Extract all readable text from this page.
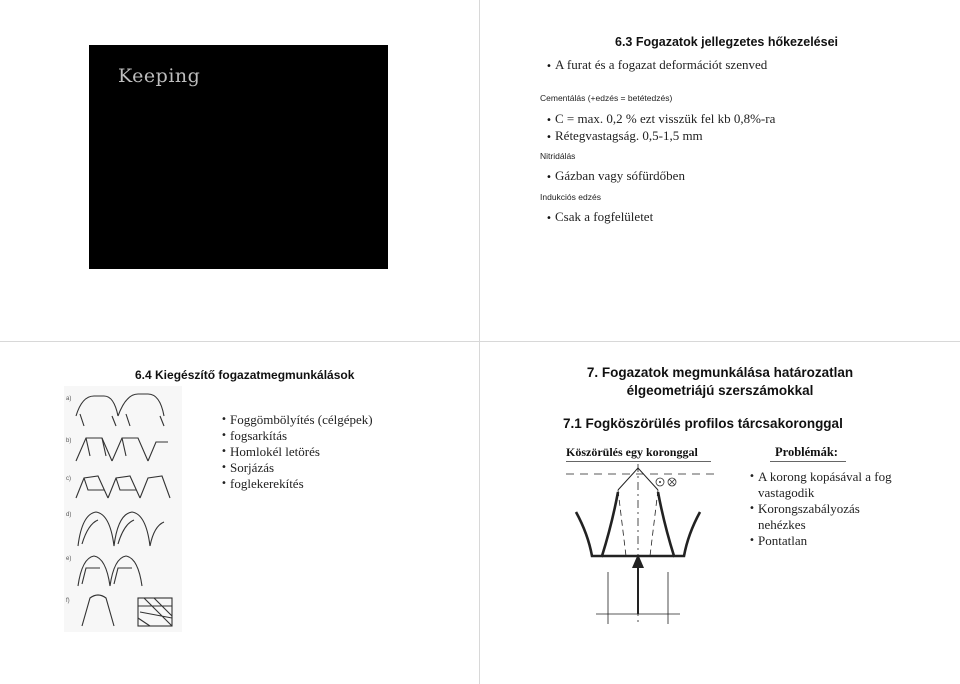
Keeping
6.3 Fogazatok jellegzetes hőkezelései
• A furat és a fogazat deformációt szenved
Cementálás (+edzés = betétedzés)
• C = max. 0,2 % ezt visszük fel kb 0,8%-ra
• Rétegvastagság. 0,5-1,5 mm
Nitridálás
• Gázban vagy sófürdőben
Indukciós edzés
• Csak a fogfelületet
6.4 Kiegészítő fogazatmegmunkálások
a)
b)
c)
d)
e)
f)
• Foggömbölyítés (célgépek)
• fogsarkítás
• Homlokél letörés
• Sorjázás
• foglekerekítés
7. Fogazatok megmunkálása határozatlan
élgeometriájú szerszámokkal
7.1 Fogköszörülés profilos tárcsakoronggal
Köszörülés egy koronggal	Problémák:
• A korong kopásával a fog vastagodik
• Korongszabályozás nehézkes
• Pontatlan
